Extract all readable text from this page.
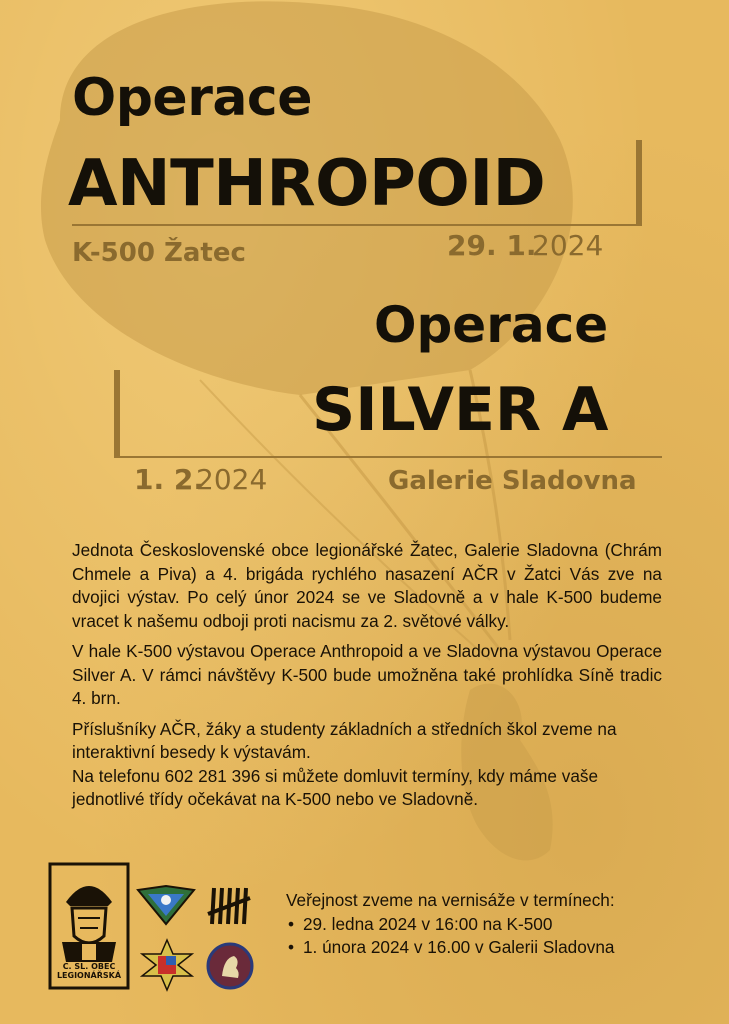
Operace
ANTHROPOID
K-500 Žatec	29. 1.
2024
Operace
SILVER A
1. 2.
2024	Galerie Sladovna

Jednota Československé obce legionářské Žatec, Galerie Sladovna (Chrám Chmele a Piva) a 4. brigáda rychlého nasazení AČR v Žatci Vás zve na dvojici výstav. Po celý únor 2024 se ve Sladovně a v hale K-500 budeme vracet k našemu odboji proti nacismu za 2. světové války.

V hale K-500 výstavou Operace Anthropoid a ve Sladovna výstavou Operace Silver A. V rámci návštěvy K-500 bude umožněna také prohlídka Síně tradic 4. brn.

Příslušníky AČR, žáky a studenty základních a středních škol zveme na interaktivní besedy k výstavám.

Na telefonu 602 281 396 si můžete domluvit termíny, kdy máme vaše jednotlivé třídy očekávat na K-500 nebo ve Sladovně.

C. SL. OBEC
LEGIONÁŘSKÁ
Veřejnost zveme na vernisáže v termínech:
• 29. ledna 2024 v 16:00 na K-500
• 1. února 2024 v 16.00 v Galerii Sladovna
